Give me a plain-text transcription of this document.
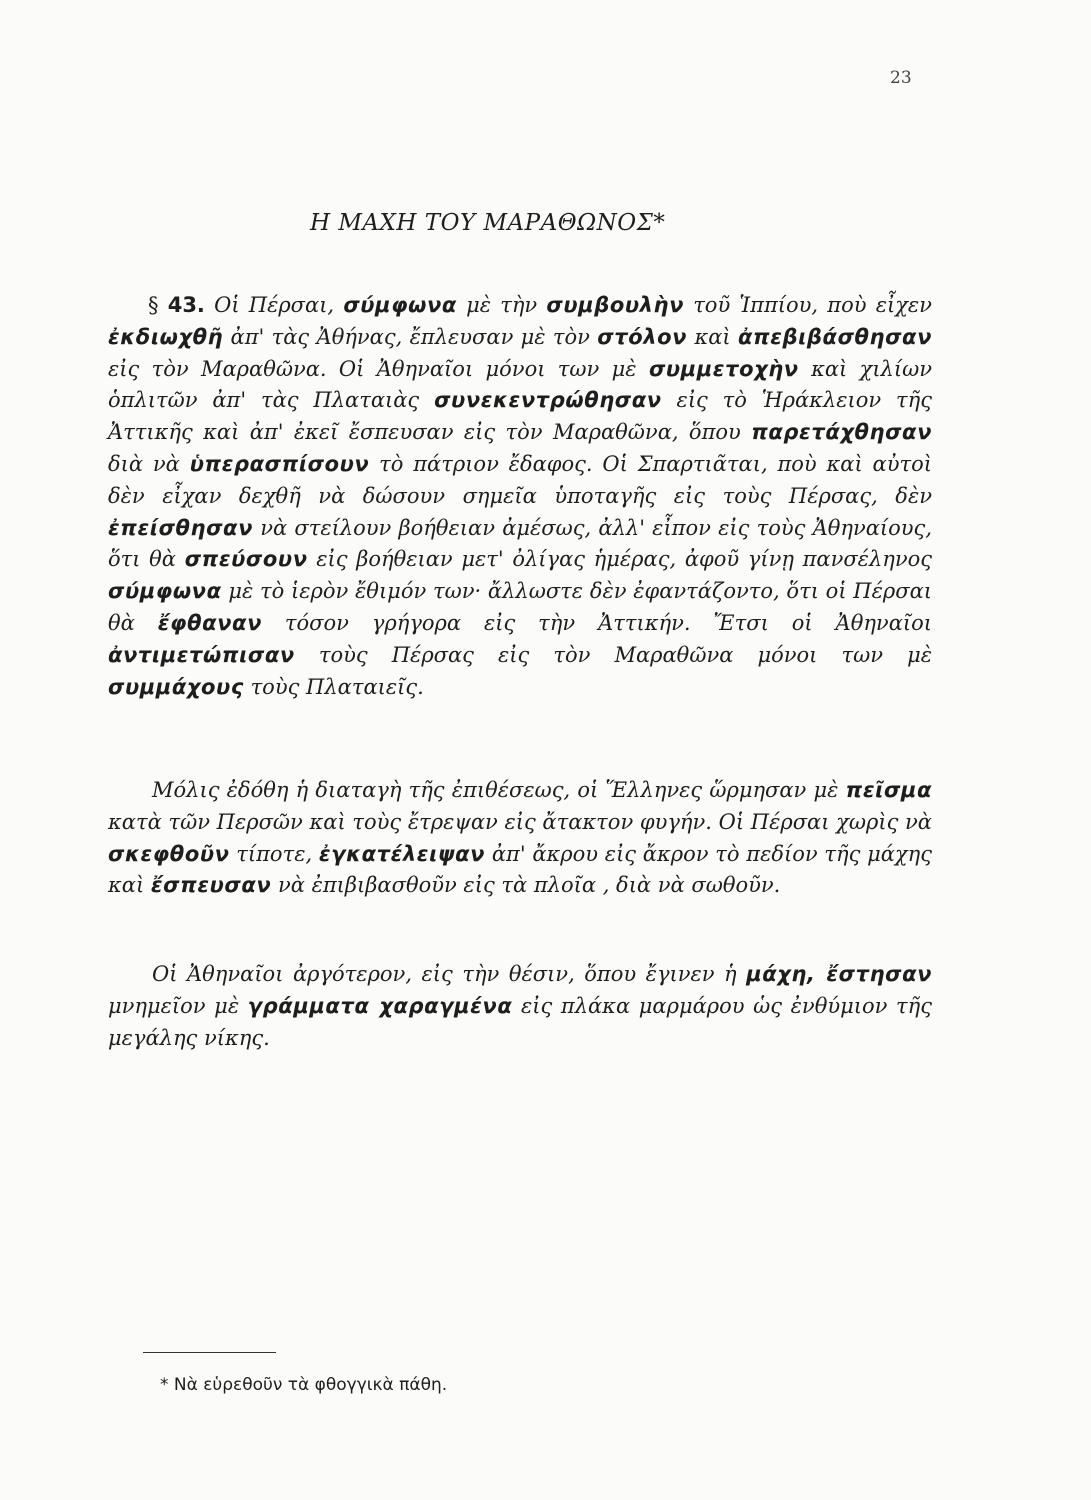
23
Η ΜΑΧΗ ΤΟΥ ΜΑΡΑΘΩΝΟΣ*

§ 43. Οἱ Πέρσαι, σύμφωνα μὲ τὴν συμβουλὴν τοῦ Ἱππίου, ποὺ εἶχεν ἐκδιωχθῆ ἀπ' τὰς Ἀθήνας, ἔπλευσαν μὲ τὸν στόλον καὶ ἀπεβιβάσθησαν εἰς τὸν Μαραθῶνα. Οἱ Ἀθηναῖοι μόνοι των μὲ συμμετοχὴν καὶ χιλίων ὁπλιτῶν ἀπ' τὰς Πλαταιὰς συνεκεντρώθησαν εἰς τὸ Ἡράκλειον τῆς Ἀττικῆς καὶ ἀπ' ἐκεῖ ἔσπευσαν εἰς τὸν Μαραθῶνα, ὅπου παρετάχθησαν διὰ νὰ ὑπερασπίσουν τὸ πάτριον ἔδαφος. Οἱ Σπαρτιᾶται, ποὺ καὶ αὐτοὶ δὲν εἶχαν δεχθῆ νὰ δώσουν σημεῖα ὑποταγῆς εἰς τοὺς Πέρσας, δὲν ἐπείσθησαν νὰ στείλουν βοήθειαν ἀμέσως, ἀλλ' εἶπον εἰς τοὺς Ἀθηναίους, ὅτι θὰ σπεύσουν εἰς βοήθειαν μετ' ὀλίγας ἡμέρας, ἀφοῦ γίνῃ πανσέληνος σύμφωνα μὲ τὸ ἱερὸν ἔθιμόν των· ἄλλωστε δὲν ἐφαντάζοντο, ὅτι οἱ Πέρσαι θὰ ἔφθαναν τόσον γρήγορα εἰς τὴν Ἀττικήν. Ἔτσι οἱ Ἀθηναῖοι ἀντιμετώπισαν τοὺς Πέρσας εἰς τὸν Μαραθῶνα μόνοι των μὲ συμμάχους τοὺς Πλαταιεῖς.

Μόλις ἐδόθη ἡ διαταγὴ τῆς ἐπιθέσεως, οἱ Ἕλληνες ὥρμησαν μὲ πεῖσμα κατὰ τῶν Περσῶν καὶ τοὺς ἔτρεψαν εἰς ἄτακτον φυγήν. Οἱ Πέρσαι χωρὶς νὰ σκεφθοῦν τίποτε, ἐγκατέλειψαν ἀπ' ἄκρου εἰς ἄκρον τὸ πεδίον τῆς μάχης καὶ ἔσπευσαν νὰ ἐπιβιβασθοῦν εἰς τὰ πλοῖα , διὰ νὰ σωθοῦν.

Οἱ Ἀθηναῖοι ἀργότερον, εἰς τὴν θέσιν, ὅπου ἔγινεν ἡ μάχη, ἔστησαν μνημεῖον μὲ γράμματα χαραγμένα εἰς πλάκα μαρμάρου ὡς ἐνθύμιον τῆς μεγάλης νίκης.

* Νὰ εὑρεθοῦν τὰ φθογγικὰ πάθη.
